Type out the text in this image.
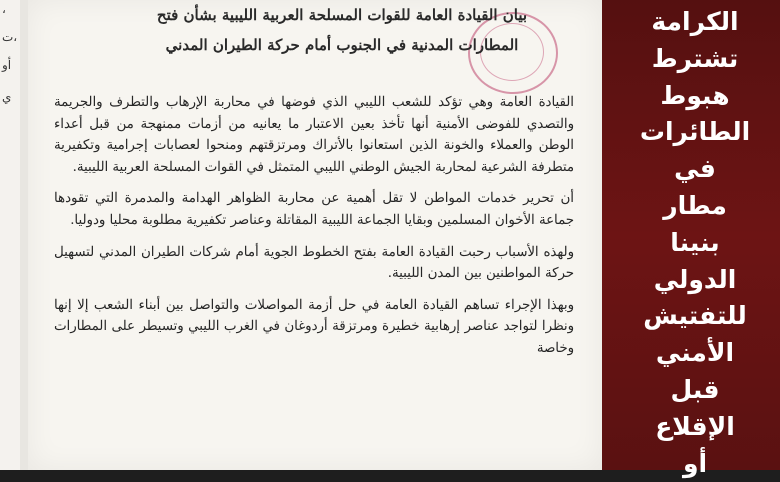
،
،ت
أو
ي
بيان القيادة العامة للقوات المسلحة العربية الليبية بشأن فتح
المطارات المدنية في الجنوب أمام حركة الطيران المدني

القيادة العامة وهي تؤكد للشعب الليبي الذي فوضها في محاربة الإرهاب والتطرف والجريمة والتصدي للفوضى الأمنية أنها تأخذ بعين الاعتبار ما يعانيه من أزمات ممنهجة من قبل أعداء الوطن والعملاء والخونة الذين استعانوا بالأتراك ومرتزقتهم ومنحوا لعصابات إجرامية وتكفيرية متطرفة الشرعية لمحاربة الجيش الوطني الليبي المتمثل في القوات المسلحة العربية الليبية.

أن تحرير خدمات المواطن لا تقل أهمية عن محاربة الظواهر الهدامة والمدمرة التي تقودها جماعة الأخوان المسلمين وبقايا الجماعة الليبية المقاتلة وعناصر تكفيرية مطلوبة محليا ودوليا.

ولهذه الأسباب رحبت القيادة العامة بفتح الخطوط الجوية أمام شركات الطيران المدني لتسهيل حركة المواطنين بين المدن الليبية.

وبهذا الإجراء تساهم القيادة العامة في حل أزمة المواصلات والتواصل بين أبناء الشعب إلا إنها ونظرا لتواجد عناصر إرهابية خطيرة ومرتزقة أردوغان في الغرب الليبي وتسيطر على المطارات وخاصة

الكرامة
تشترط
هبوط
الطائرات
في
مطار
بنينا
الدولي
للتفتيش
الأمني
قبل
الإقلاع
أو
